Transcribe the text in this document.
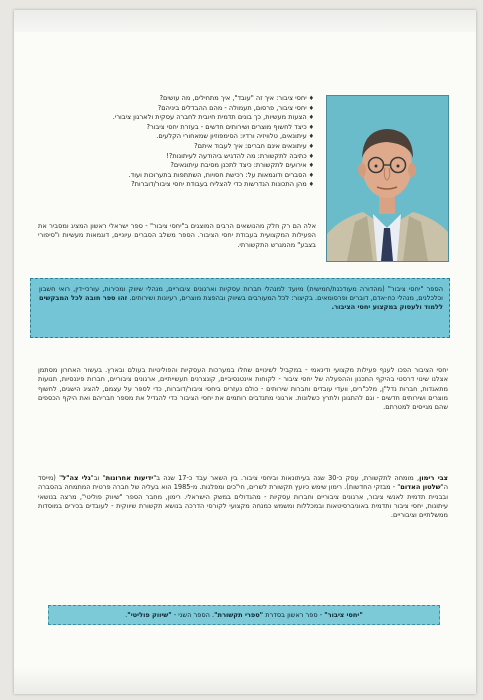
♦ יחסי ציבור: איך זה "עובד", איך מתחילים, מה עושים?
♦ יחסי ציבור, פרסום, תעמולה - מהם ההבדלים ביניהם?
♦ הצעות מעשיות, כך בונים תדמית חיובית לחברה עסקית ולארגון ציבורי.
♦ כיצד לחשוף מוצרים ושירותים חדשים - בעזרת יחסי ציבור?
♦ עיתונאים, טלוויזיה ורדיו: הסימפוזיון שמאחורי הקלעים.
♦ עיתונאים אינם חברים: איך לעבוד איתם?
♦ כתיבה לתקשורת: מה להדגיש ביהודעה לעיתונות?!
♦ אירועים לתקשורת: כיצד לתכנן מסיבת עיתונאים?
♦ הסברים ודוגמאות על: רכישת חסויות, השתתפות בתערוכות ועוד.
♦ מהן התכונות הנדרשות כדי להצליח בעבודת יחסי ציבור/דוברות?
אלה הם רק חלק מהנושאים הרבים המוצגים ב"יחסי ציבור" - ספר ישראלי ראשון המציג ומסביר את הפעילות המקצועית בעבודת יחסי הציבור. הספר משלב הסברים עיוניים, דוגמאות מעשיות ו"סיפורי בצבע" מהמגרש התקשורתי.
הספר "יחסי ציבור" (מהדורה מעודכנת/חמישית) מיועד למנהלי חברות עסקיות וארגונים ציבוריים, מנהלי שיווק ומכירות, עורכי-דין, רואי חשבון וכלכלנים, מנהלי כח-אדם, דוברים ופרסומאים. בקיצור: לכל המעורבים בשיווק ובהפצת מוצרים, רעיונות ושירותים. זהו ספר חובה לכל המבקשים ללמוד ולעסוק במקצוע יחסי הציבור.
יחסי הציבור הפכו לענף פעילות מקצועי ודינאמי - במקביל לשינויים שחלו במערכות העסקיות והפוליטיות בעולם ובארץ. בעשור האחרון מסתמן אצלנו שינוי דרסטי בהיקף התכנון וההפעלה של יחסי ציבור - לקוחות אינטנסיביים, קונצרנים תעשייתיים, ארגונים ציבוריים, חברות פיננסיות, תנועות מתאגדות, חברות נדל"ן, מלכ"רים, וועדי עובדים וחברות שירותים - כולם נעזרים ביחסי ציבור/דוברות, כדי לספר על עצמם, להציג הישגים, לחשוף מוצרים ושירותים חדשים - וגם להתגונן ולתרץ כשלונות. ארגוני מתנדבים רותמים את יחסי הציבור כדי להגדיל את מספר חבריהם ואת היקף הכספים שהם מגייסים למטרתם.
צבי רימון, מומחה לתקשורת, עסק כ-30 שנה בעיתונאות וביחסי ציבור. בין השאר עבד כ-17 שנה ב"ידיעות אחרונות" וב"גלי צה"ל" (מייסד ה"שלטון האדום" - מבזקי החדשות). רימון שימש כיועץ תקשורת לשרים, חי"כים ומפלגות. מ-1985 הוא בעליה של חברה פרטית המתמחה בהסברה ובבניית תדמית לאנשי ציבור, ארגונים ציבוריים וחברות עסקיות - מהגדולים במשק הישראלי. רימון, מחבר הספר "שיווק פוליטי", מרצה בנושאי עיתונות, יחסי ציבור ותדמית באוניברסיטאות ובמכללות ומשמש כמנחה מקצועי לקורסי הדרכה בנושא תקשורת שיווקית - לעובדים בכירים במוסדות ממשלתיים וציבוריים.
"יחסי ציבור" - ספר ראשון בסדרת "ספרי תקשורת". הספר השני - "שיווק פוליטי".
